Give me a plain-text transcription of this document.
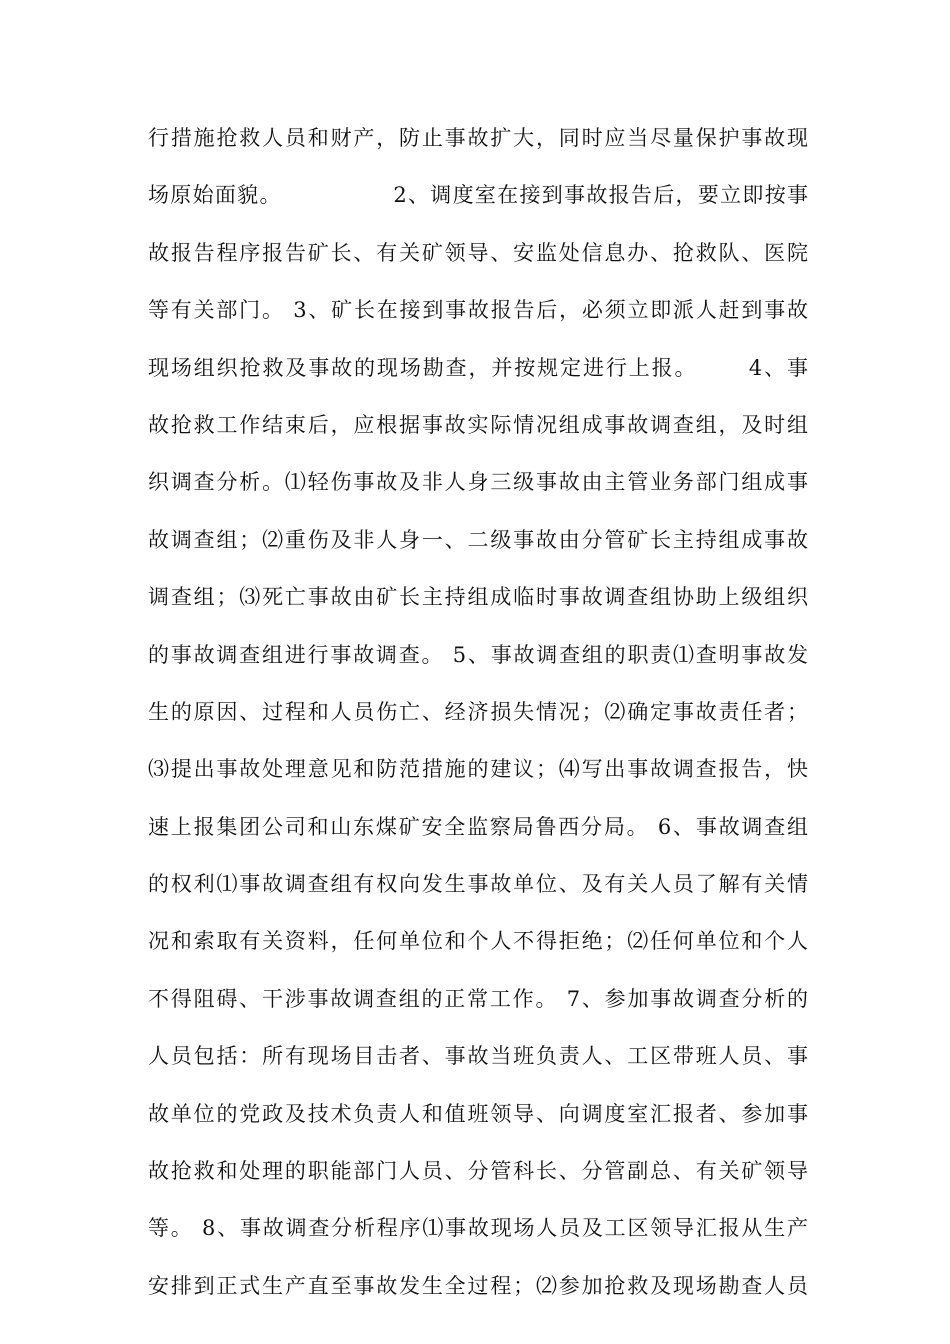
行措施抢救人员和财产，防止事故扩大，同时应当尽量保护事故现
场原始面貌。              2、调度室在接到事故报告后，要立即按事
故报告程序报告矿长、有关矿领导、安监处信息办、抢救队、医院
等有关部门。 3、矿长在接到事故报告后，必须立即派人赶到事故
现场组织抢救及事故的现场勘查，并按规定进行上报。      4、事
故抢救工作结束后，应根据事故实际情况组成事故调查组，及时组
织调查分析。⑴轻伤事故及非人身三级事故由主管业务部门组成事
故调查组；⑵重伤及非人身一、二级事故由分管矿长主持组成事故
调查组；⑶死亡事故由矿长主持组成临时事故调查组协助上级组织
的事故调查组进行事故调查。 5、事故调查组的职责⑴查明事故发
生的原因、过程和人员伤亡、经济损失情况；⑵确定事故责任者；
⑶提出事故处理意见和防范措施的建议；⑷写出事故调查报告，快
速上报集团公司和山东煤矿安全监察局鲁西分局。 6、事故调查组
的权利⑴事故调查组有权向发生事故单位、及有关人员了解有关情
况和索取有关资料，任何单位和个人不得拒绝；⑵任何单位和个人
不得阻碍、干涉事故调查组的正常工作。 7、参加事故调查分析的
人员包括：所有现场目击者、事故当班负责人、工区带班人员、事
故单位的党政及技术负责人和值班领导、向调度室汇报者、参加事
故抢救和处理的职能部门人员、分管科长、分管副总、有关矿领导
等。 8、事故调查分析程序⑴事故现场人员及工区领导汇报从生产
安排到正式生产直至事故发生全过程；⑵参加抢救及现场勘查人员
